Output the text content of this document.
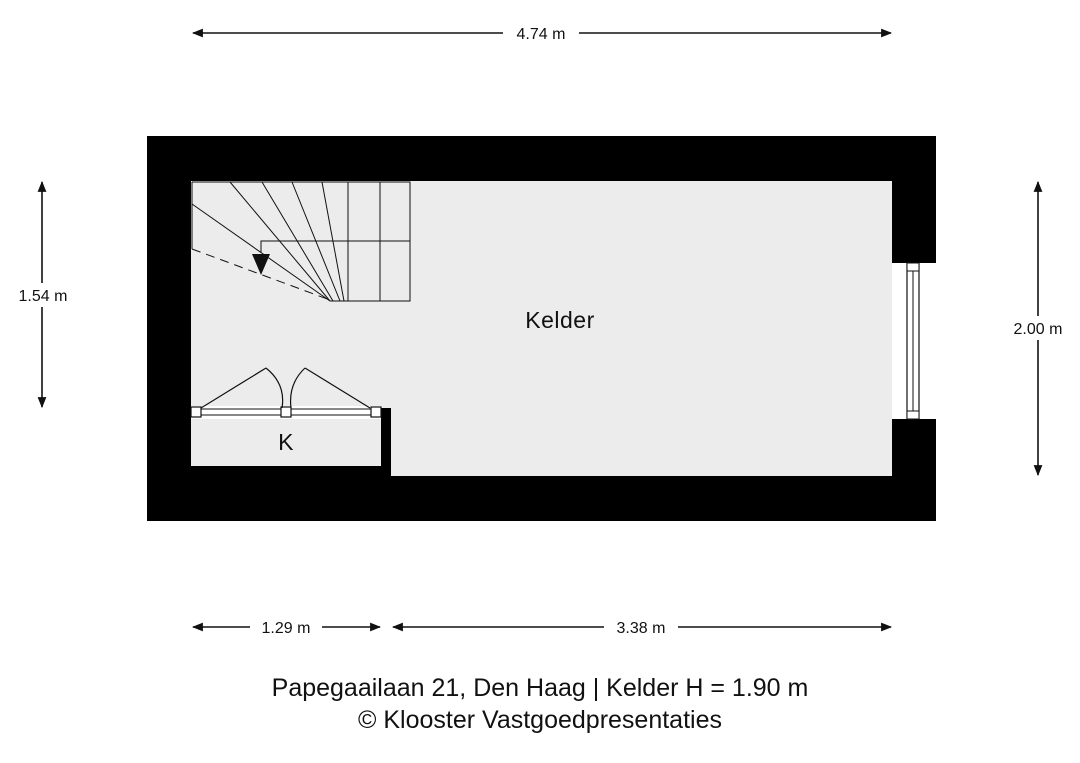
4.74 m
1.54 m
2.00 m
1.29 m	3.38 m
Kelder
K
Papegaailaan 21, Den Haag | Kelder H = 1.90 m
© Klooster Vastgoedpresentaties
